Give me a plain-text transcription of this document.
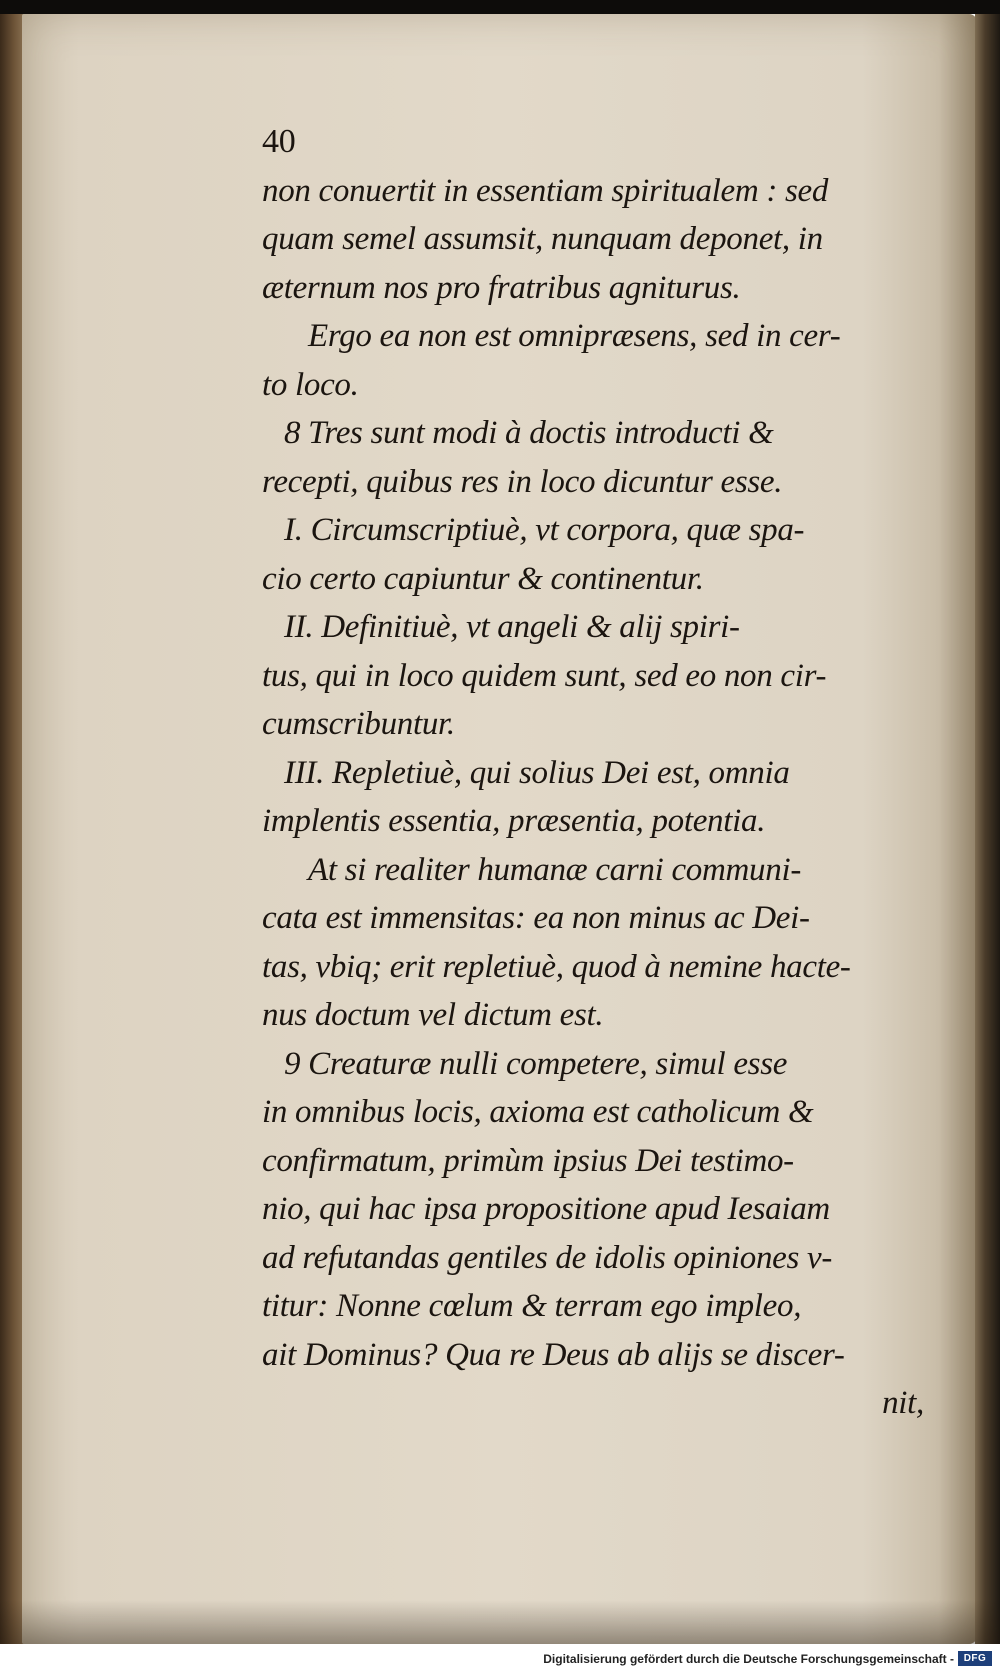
40
non conuertit in essentiam spiritualem : sed
quam semel assumsit, nunquam deponet, in
æternum nos pro fratribus agniturus.
Ergo ea non est omnipræsens, sed in cer-
to loco.
8 Tres sunt modi à doctis introducti &
recepti, quibus res in loco dicuntur esse.
I. Circumscriptiuè, vt corpora, quæ spa-
cio certo capiuntur & continentur.
II. Definitiuè, vt angeli & alij spiri-
tus, qui in loco quidem sunt, sed eo non cir-
cumscribuntur.
III. Repletiuè, qui solius Dei est, omnia
implentis essentia, præsentia, potentia.
At si realiter humanæ carni communi-
cata est immensitas: ea non minus ac Dei-
tas, vbiq; erit repletiuè, quod à nemine hacte-
nus doctum vel dictum est.
9 Creaturæ nulli competere, simul esse
in omnibus locis, axioma est catholicum &
confirmatum, primùm ipsius Dei testimo-
nio, qui hac ipsa propositione apud Iesaiam
ad refutandas gentiles de idolis opiniones v-
titur: Nonne cœlum & terram ego impleo,
ait Dominus? Qua re Deus ab alijs se discer-
nit,
Digitalisierung gefördert durch die Deutsche Forschungsgemeinschaft - DFG
